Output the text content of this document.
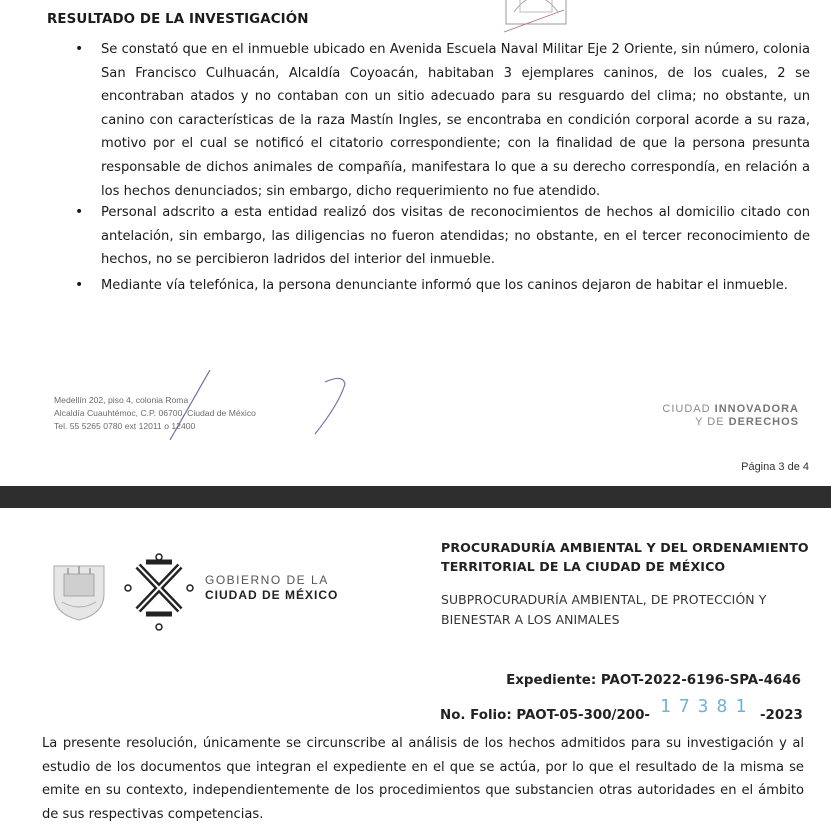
RESULTADO DE LA INVESTIGACIÓN
• Se constató que en el inmueble ubicado en Avenida Escuela Naval Militar Eje 2 Oriente, sin número, colonia San Francisco Culhuacán, Alcaldía Coyoacán, habitaban 3 ejemplares caninos, de los cuales, 2 se encontraban atados y no contaban con un sitio adecuado para su resguardo del clima; no obstante, un canino con características de la raza Mastín Ingles, se encontraba en condición corporal acorde a su raza, motivo por el cual se notificó el citatorio correspondiente; con la finalidad de que la persona presunta responsable de dichos animales de compañía, manifestara lo que a su derecho correspondía, en relación a los hechos denunciados; sin embargo, dicho requerimiento no fue atendido.
• Personal adscrito a esta entidad realizó dos visitas de reconocimientos de hechos al domicilio citado con antelación, sin embargo, las diligencias no fueron atendidas; no obstante, en el tercer reconocimiento de hechos, no se percibieron ladridos del interior del inmueble.
• Mediante vía telefónica, la persona denunciante informó que los caninos dejaron de habitar el inmueble.
Medellín 202, piso 4, colonia Roma
Alcaldía Cuauhtémoc, C.P. 06700, Ciudad de México
Tel. 55 5265 0780 ext 12011 o 12400
CIUDAD INNOVADORA
Y DE DERECHOS
Página 3 de 4
GOBIERNO DE LA
CIUDAD DE MÉXICO
PROCURADURÍA AMBIENTAL Y DEL ORDENAMIENTO
TERRITORIAL DE LA CIUDAD DE MÉXICO
SUBPROCURADURÍA AMBIENTAL, DE PROTECCIÓN Y
BIENESTAR A LOS ANIMALES
Expediente: PAOT-2022-6196-SPA-4646
No. Folio: PAOT-05-300/200- 17381 -2023
La presente resolución, únicamente se circunscribe al análisis de los hechos admitidos para su investigación y al estudio de los documentos que integran el expediente en el que se actúa, por lo que el resultado de la misma se emite en su contexto, independientemente de los procedimientos que substancien otras autoridades en el ámbito de sus respectivas competencias.
